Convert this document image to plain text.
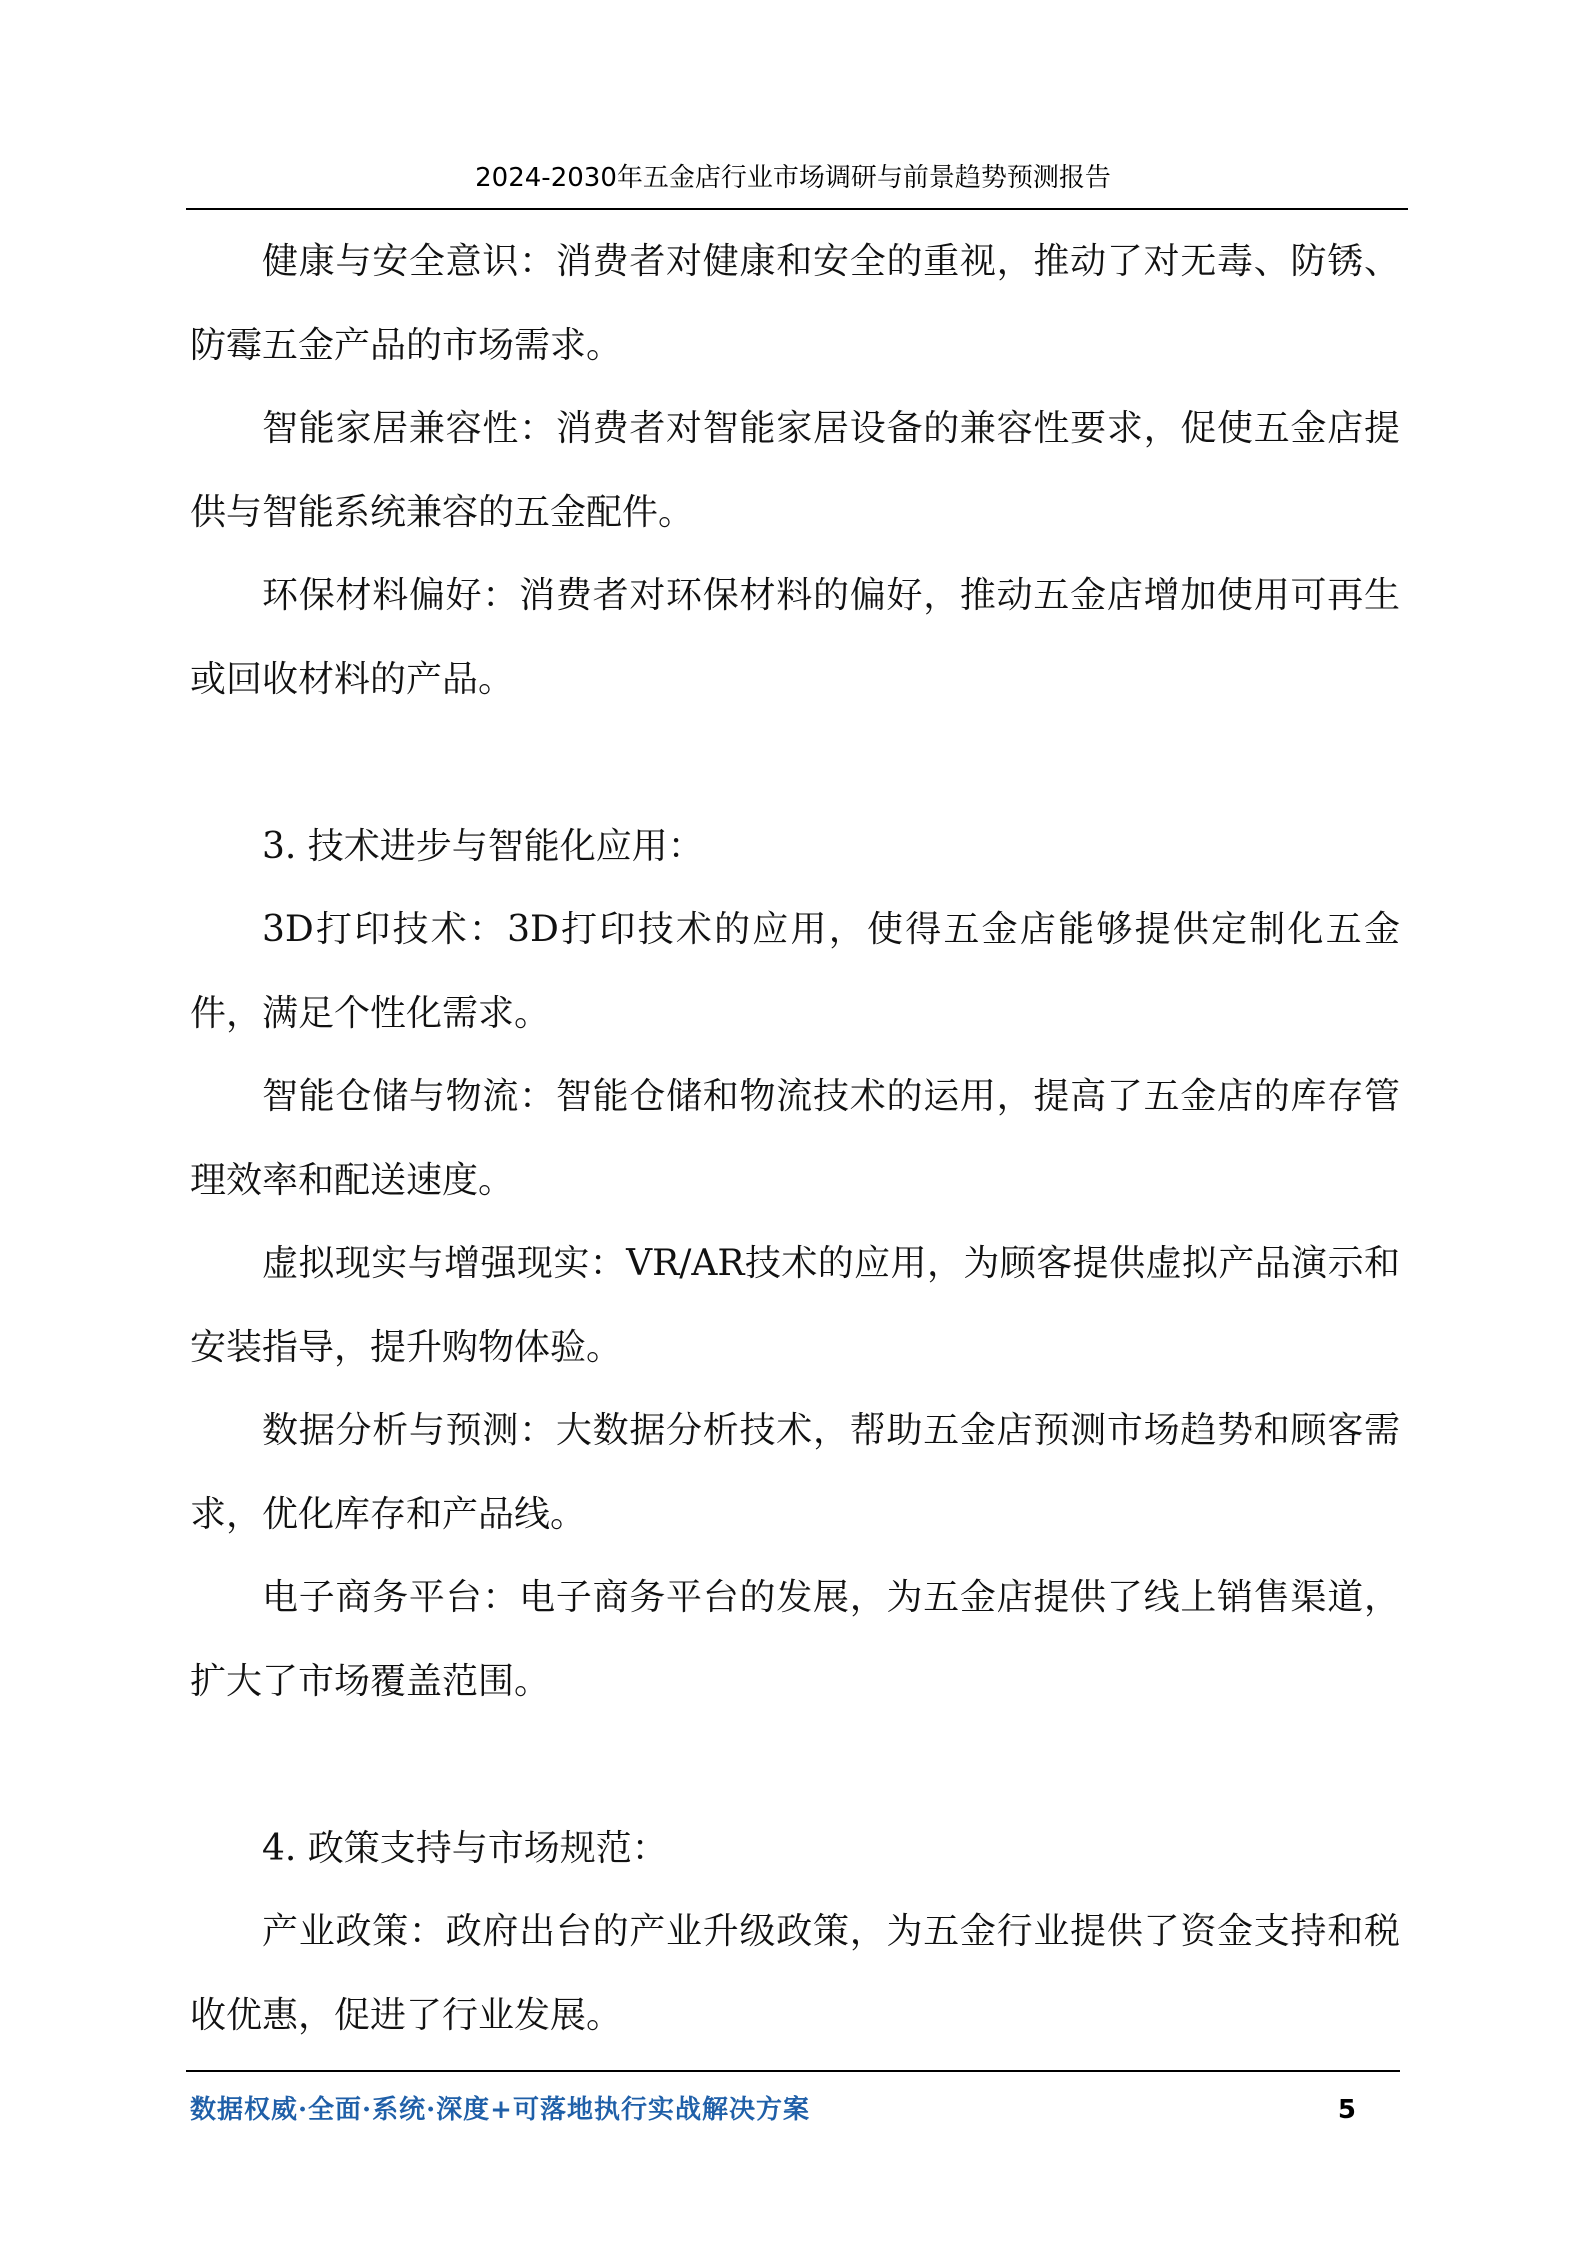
2024-2030年五金店行业市场调研与前景趋势预测报告

健康与安全意识：消费者对健康和安全的重视，推动了对无毒、防锈、防霉五金产品的市场需求。

智能家居兼容性：消费者对智能家居设备的兼容性要求，促使五金店提供与智能系统兼容的五金配件。

环保材料偏好：消费者对环保材料的偏好，推动五金店增加使用可再生或回收材料的产品。

3. 技术进步与智能化应用：

3D打印技术：3D打印技术的应用，使得五金店能够提供定制化五金件，满足个性化需求。

智能仓储与物流：智能仓储和物流技术的运用，提高了五金店的库存管理效率和配送速度。

虚拟现实与增强现实：VR/AR技术的应用，为顾客提供虚拟产品演示和安装指导，提升购物体验。

数据分析与预测：大数据分析技术，帮助五金店预测市场趋势和顾客需求，优化库存和产品线。

电子商务平台：电子商务平台的发展，为五金店提供了线上销售渠道，扩大了市场覆盖范围。

4. 政策支持与市场规范：

产业政策：政府出台的产业升级政策，为五金行业提供了资金支持和税收优惠，促进了行业发展。

数据权威·全面·系统·深度+可落地执行实战解决方案	5
